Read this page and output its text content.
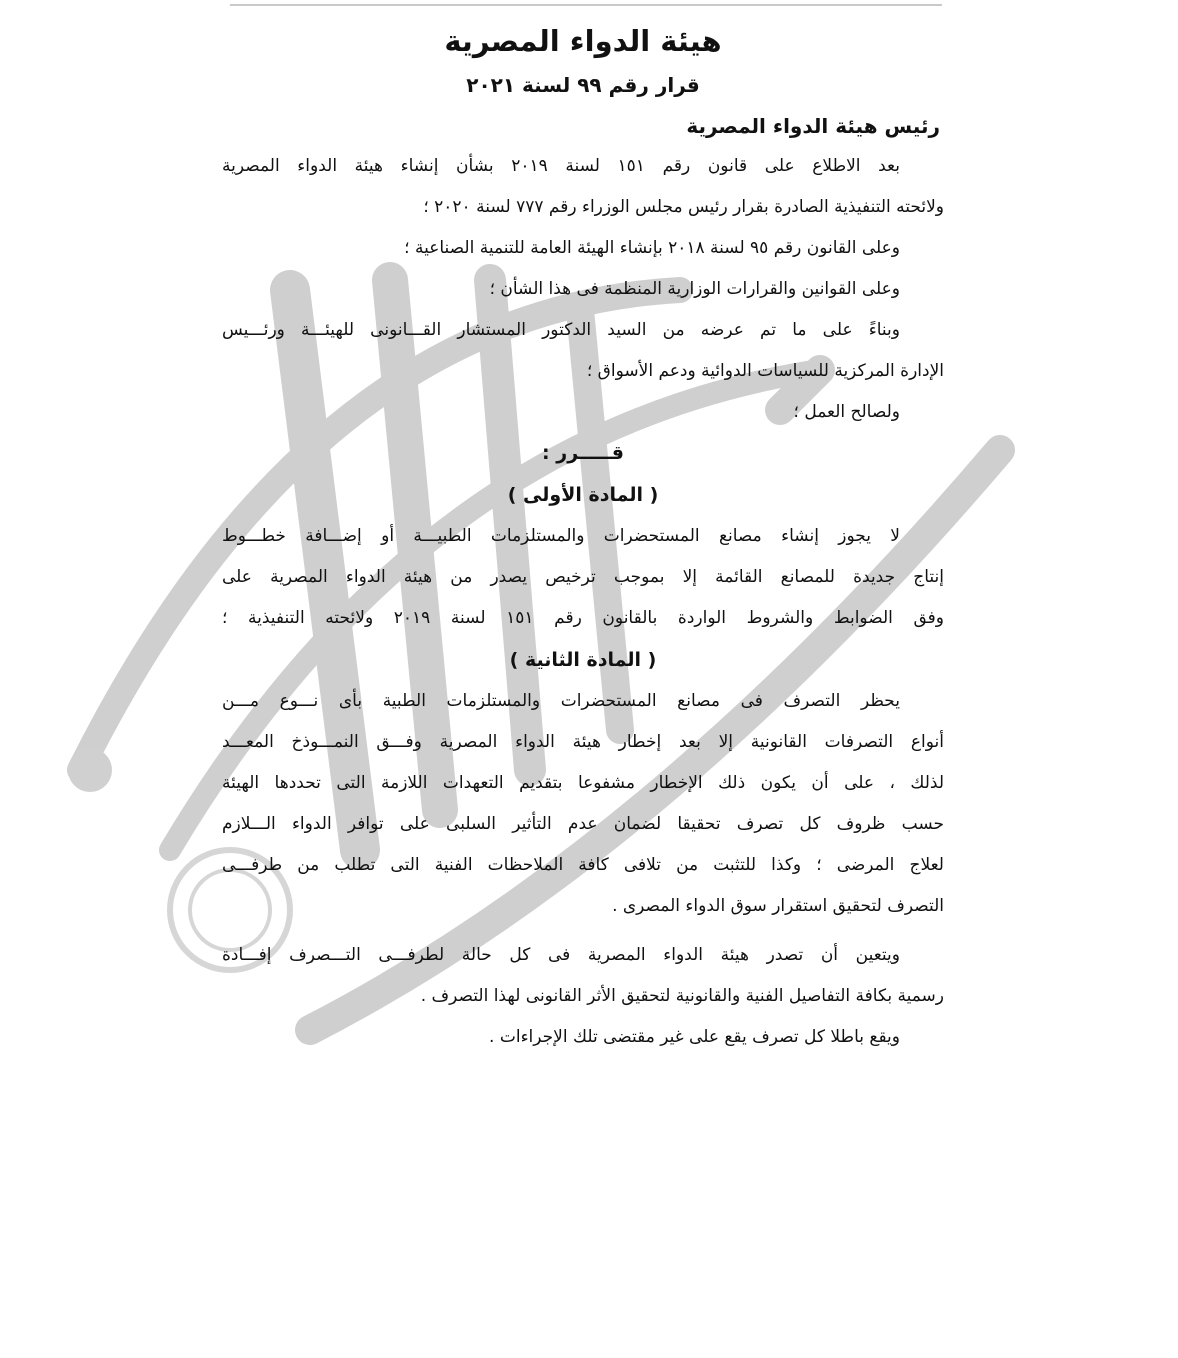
هيئة الدواء المصرية
قرار رقم ٩٩ لسنة ٢٠٢١
رئيس هيئة الدواء المصرية
بعد الاطلاع على قانون رقم ١٥١ لسنة ٢٠١٩ بشأن إنشاء هيئة الدواء المصرية
ولائحته التنفيذية الصادرة بقرار رئيس مجلس الوزراء رقم ٧٧٧ لسنة ٢٠٢٠ ؛
وعلى القانون رقم ٩٥ لسنة ٢٠١٨ بإنشاء الهيئة العامة للتنمية الصناعية ؛
وعلى القوانين والقرارات الوزارية المنظمة فى هذا الشأن ؛
وبناءً على ما تم عرضه من السيد الدكتور المستشار القـــانونى للهيئـــة ورئـــيس
الإدارة المركزية للسياسات الدوائية ودعم الأسواق ؛
ولصالح العمل ؛
قـــــرر :
( المادة الأولى )
لا يجوز إنشاء مصانع المستحضرات والمستلزمات الطبيـــة أو إضـــافة خطـــوط
إنتاج جديدة للمصانع القائمة إلا بموجب ترخيص يصدر من هيئة الدواء المصرية على
وفق الضوابط والشروط الواردة بالقانون رقم ١٥١ لسنة ٢٠١٩ ولائحته التنفيذية ؛
( المادة الثانية )
يحظر التصرف فى مصانع المستحضرات والمستلزمات الطبية بأى نـــوع مـــن
أنواع التصرفات القانونية إلا بعد إخطار هيئة الدواء المصرية وفـــق النمـــوذخ المعـــد
لذلك ، على أن يكون ذلك الإخطار مشفوعا بتقديم التعهدات اللازمة التى تحددها الهيئة
حسب ظروف كل تصرف تحقيقا لضمان عدم التأثير السلبى على توافر الدواء الـــلازم
لعلاج المرضى ؛ وكذا للتثبت من تلافى كافة الملاحظات الفنية التى تطلب من طرفـــى
التصرف لتحقيق استقرار سوق الدواء المصرى .
ويتعين أن تصدر هيئة الدواء المصرية فى كل حالة لطرفـــى التـــصرف إفـــادة
رسمية بكافة التفاصيل الفنية والقانونية لتحقيق الأثر القانونى لهذا التصرف .
ويقع باطلا كل تصرف يقع على غير مقتضى تلك الإجراءات .
